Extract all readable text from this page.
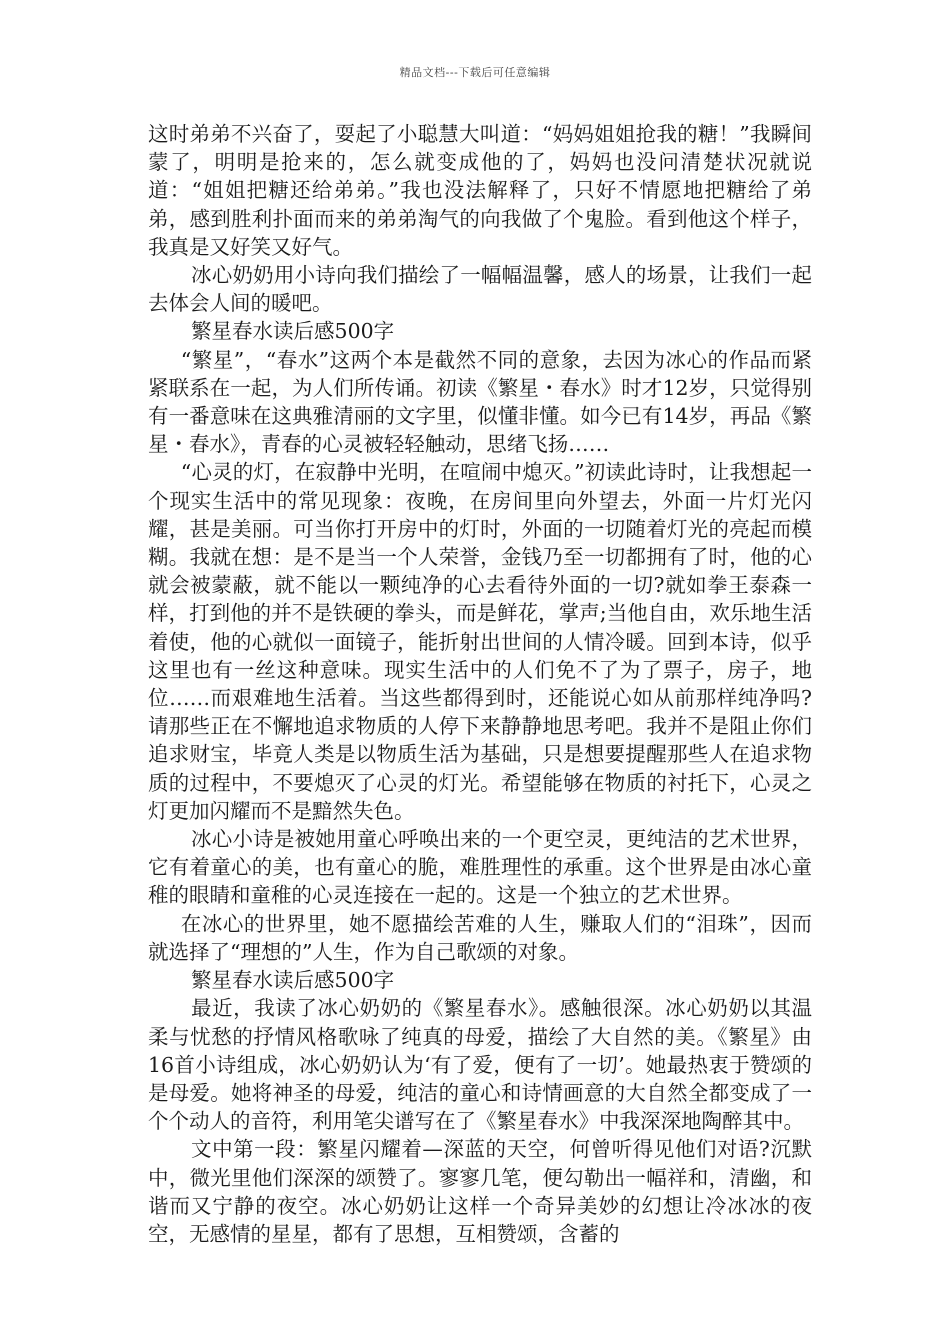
精品文档---下载后可任意编辑

这时弟弟不兴奋了，耍起了小聪慧大叫道：“妈妈姐姐抢我的糖！”我瞬间蒙了，明明是抢来的，怎么就变成他的了，妈妈也没问清楚状况就说道：“姐姐把糖还给弟弟。”我也没法解释了，只好不情愿地把糖给了弟弟，感到胜利扑面而来的弟弟淘气的向我做了个鬼脸。看到他这个样子，我真是又好笑又好气。

冰心奶奶用小诗向我们描绘了一幅幅温馨，感人的场景，让我们一起去体会人间的暖吧。

繁星春水读后感500字

“繁星”，“春水”这两个本是截然不同的意象，去因为冰心的作品而紧紧联系在一起，为人们所传诵。初读《繁星・春水》时才12岁，只觉得别有一番意味在这典雅清丽的文字里，似懂非懂。如今已有14岁，再品《繁星・春水》，青春的心灵被轻轻触动，思绪飞扬……

“心灵的灯，在寂静中光明，在喧闹中熄灭。”初读此诗时，让我想起一个现实生活中的常见现象：夜晚，在房间里向外望去，外面一片灯光闪耀，甚是美丽。可当你打开房中的灯时，外面的一切随着灯光的亮起而模糊。我就在想：是不是当一个人荣誉，金钱乃至一切都拥有了时，他的心就会被蒙蔽，就不能以一颗纯净的心去看待外面的一切?就如拳王泰森一样，打到他的并不是铁硬的拳头，而是鲜花，掌声;当他自由，欢乐地生活着使，他的心就似一面镜子，能折射出世间的人情冷暖。回到本诗，似乎这里也有一丝这种意味。现实生活中的人们免不了为了票子，房子，地位……而艰难地生活着。当这些都得到时，还能说心如从前那样纯净吗?请那些正在不懈地追求物质的人停下来静静地思考吧。我并不是阻止你们追求财宝，毕竟人类是以物质生活为基础，只是想要提醒那些人在追求物质的过程中，不要熄灭了心灵的灯光。希望能够在物质的衬托下，心灵之灯更加闪耀而不是黯然失色。

冰心小诗是被她用童心呼唤出来的一个更空灵，更纯洁的艺术世界，它有着童心的美，也有童心的脆，难胜理性的承重。这个世界是由冰心童稚的眼睛和童稚的心灵连接在一起的。这是一个独立的艺术世界。

在冰心的世界里，她不愿描绘苦难的人生，赚取人们的“泪珠”，因而就选择了“理想的”人生，作为自己歌颂的对象。

繁星春水读后感500字

最近，我读了冰心奶奶的《繁星春水》。感触很深。冰心奶奶以其温柔与忧愁的抒情风格歌咏了纯真的母爱，描绘了大自然的美。《繁星》由16首小诗组成，冰心奶奶认为‘有了爱，便有了一切’。她最热衷于赞颂的是母爱。她将神圣的母爱，纯洁的童心和诗情画意的大自然全都变成了一个个动人的音符，利用笔尖谱写在了《繁星春水》中我深深地陶醉其中。

文中第一段：繁星闪耀着—深蓝的天空，何曾听得见他们对语?沉默中，微光里他们深深的颂赞了。寥寥几笔，便勾勒出一幅祥和，清幽，和谐而又宁静的夜空。冰心奶奶让这样一个奇异美妙的幻想让冷冰冰的夜空，无感情的星星，都有了思想，互相赞颂，含蓄的
